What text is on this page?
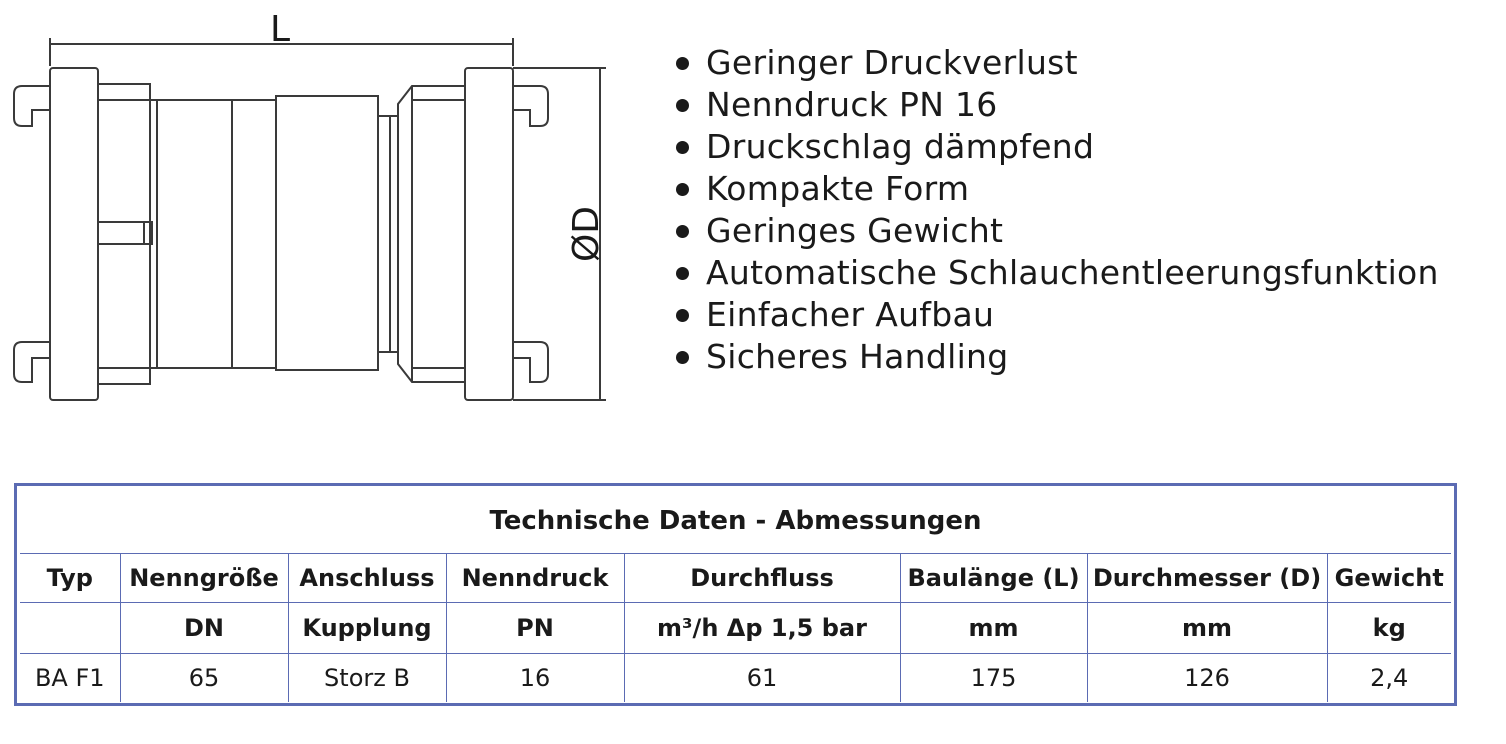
L
ØD
Geringer Druckverlust
Nenndruck PN 16
Druckschlag dämpfend
Kompakte Form
Geringes Gewicht
Automatische Schlauchentleerungsfunktion
Einfacher Aufbau
Sicheres Handling
Technische Daten - Abmessungen							
Typ	Nenngröße	Anschluss	Nenndruck	Durchfluss	Baulänge (L)	Durchmesser (D)	Gewicht
	DN	Kupplung	PN	m³/h Δp 1,5 bar	mm	mm	kg
BA F1	65	Storz B	16	61	175	126	2,4
